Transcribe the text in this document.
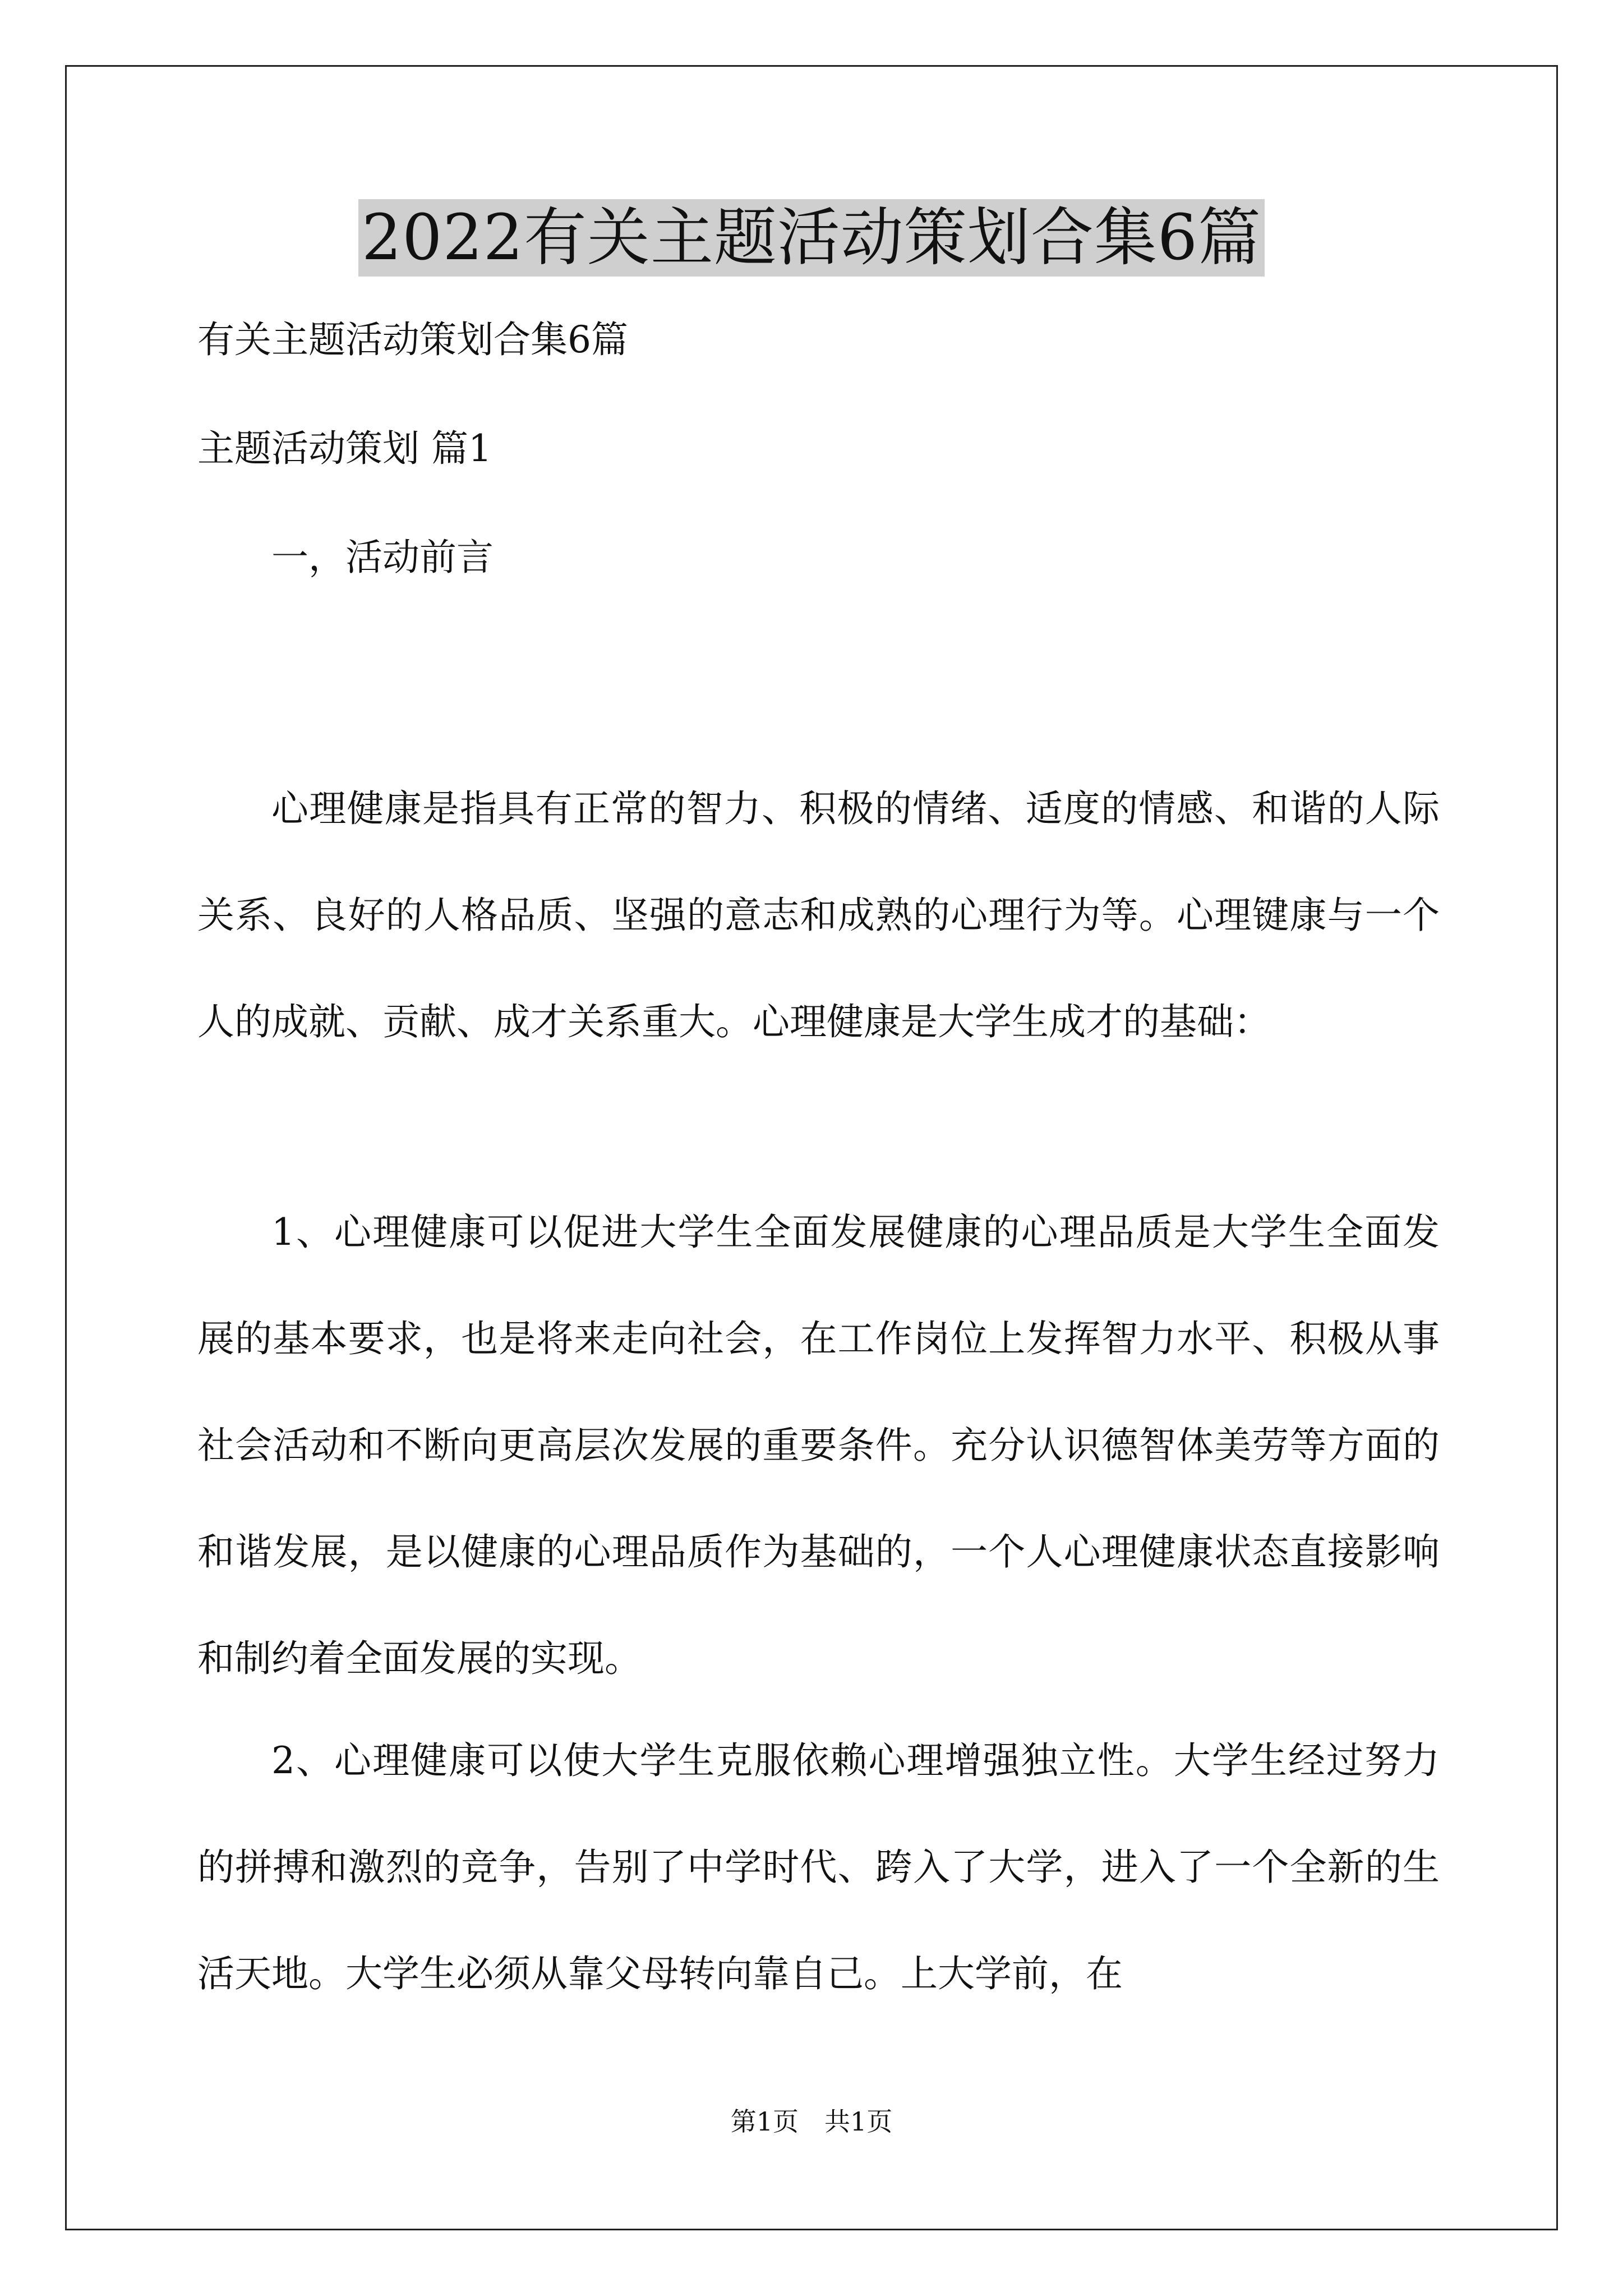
2022有关主题活动策划合集6篇
有关主题活动策划合集6篇
主题活动策划 篇1
一，活动前言

心理健康是指具有正常的智力、积极的情绪、适度的情感、和谐的人际关系、良好的人格品质、坚强的意志和成熟的心理行为等。心理键康与一个人的成就、贡献、成才关系重大。心理健康是大学生成才的基础：

1、心理健康可以促进大学生全面发展健康的心理品质是大学生全面发展的基本要求，也是将来走向社会，在工作岗位上发挥智力水平、积极从事社会活动和不断向更高层次发展的重要条件。充分认识德智体美劳等方面的和谐发展，是以健康的心理品质作为基础的，一个人心理健康状态直接影响和制约着全面发展的实现。

2、心理健康可以使大学生克服依赖心理增强独立性。大学生经过努力的拼搏和激烈的竞争，告别了中学时代、跨入了大学，进入了一个全新的生活天地。大学生必须从靠父母转向靠自己。上大学前，在

第1页　共1页
